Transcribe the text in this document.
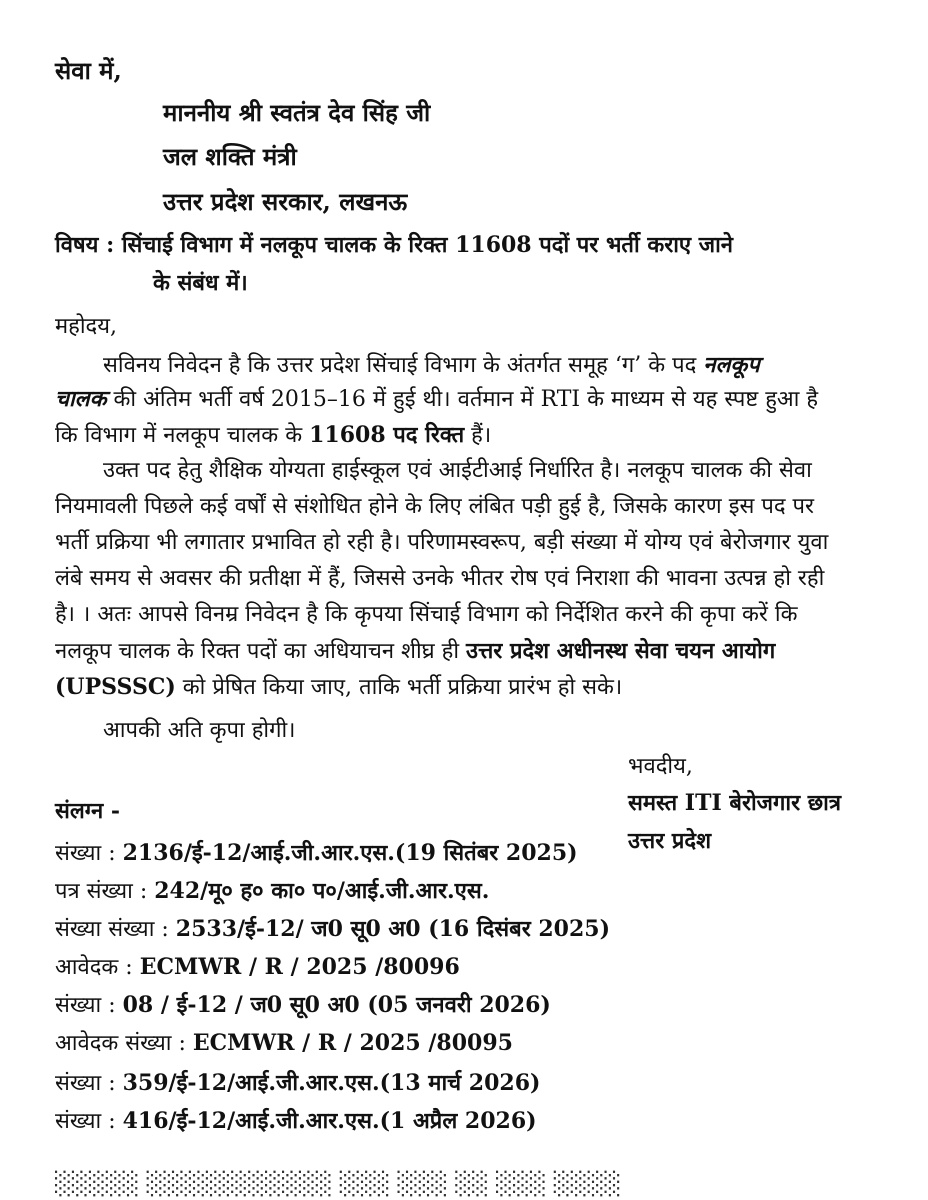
सेवा में,
माननीय श्री स्वतंत्र देव सिंह जी
जल शक्ति मंत्री
उत्तर प्रदेश सरकार, लखनऊ
विषय : सिंचाई विभाग में नलकूप चालक के रिक्त 11608 पदों पर भर्ती कराए जाने
के संबंध में।
महोदय,
सविनय निवेदन है कि उत्तर प्रदेश सिंचाई विभाग के अंतर्गत समूह ‘ग’ के पद नलकूप
चालक की अंतिम भर्ती वर्ष 2015–16 में हुई थी। वर्तमान में RTI के माध्यम से यह स्पष्ट हुआ है
कि विभाग में नलकूप चालक के 11608 पद रिक्त हैं।
उक्त पद हेतु शैक्षिक योग्यता हाईस्कूल एवं आईटीआई निर्धारित है। नलकूप चालक की सेवा
नियमावली पिछले कई वर्षों से संशोधित होने के लिए लंबित पड़ी हुई है, जिसके कारण इस पद पर
भर्ती प्रक्रिया भी लगातार प्रभावित हो रही है। परिणामस्वरूप, बड़ी संख्या में योग्य एवं बेरोजगार युवा
लंबे समय से अवसर की प्रतीक्षा में हैं, जिससे उनके भीतर रोष एवं निराशा की भावना उत्पन्न हो रही
है। । अतः आपसे विनम्र निवेदन है कि कृपया सिंचाई विभाग को निर्देशित करने की कृपा करें कि
नलकूप चालक के रिक्त पदों का अधियाचन शीघ्र ही उत्तर प्रदेश अधीनस्थ सेवा चयन आयोग
(UPSSSC) को प्रेषित किया जाए, ताकि भर्ती प्रक्रिया प्रारंभ हो सके।
आपकी अति कृपा होगी।
भवदीय,
समस्त ITI बेरोजगार छात्र
उत्तर प्रदेश
संलग्न -
संख्या : 2136/ई-12/आई.जी.आर.एस.(19 सितंबर 2025)
पत्र संख्या : 242/मू० ह० का० प०/आई.जी.आर.एस.
संख्या संख्या : 2533/ई-12/ ज0 सू0 अ0 (16 दिसंबर 2025)
आवेदक : ECMWR / R / 2025 /80096
संख्या : 08 / ई-12 / ज0 सू0 अ0 (05 जनवरी 2026)
आवेदक संख्या : ECMWR / R / 2025 /80095
संख्या : 359/ई-12/आई.जी.आर.एस.(13 मार्च 2026)
संख्या : 416/ई-12/आई.जी.आर.एस.(1 अप्रैल 2026)
░░░░░ ░░░░░░░░░░░ ░░░ ░░░ ░░ ░░░ ░░░░
